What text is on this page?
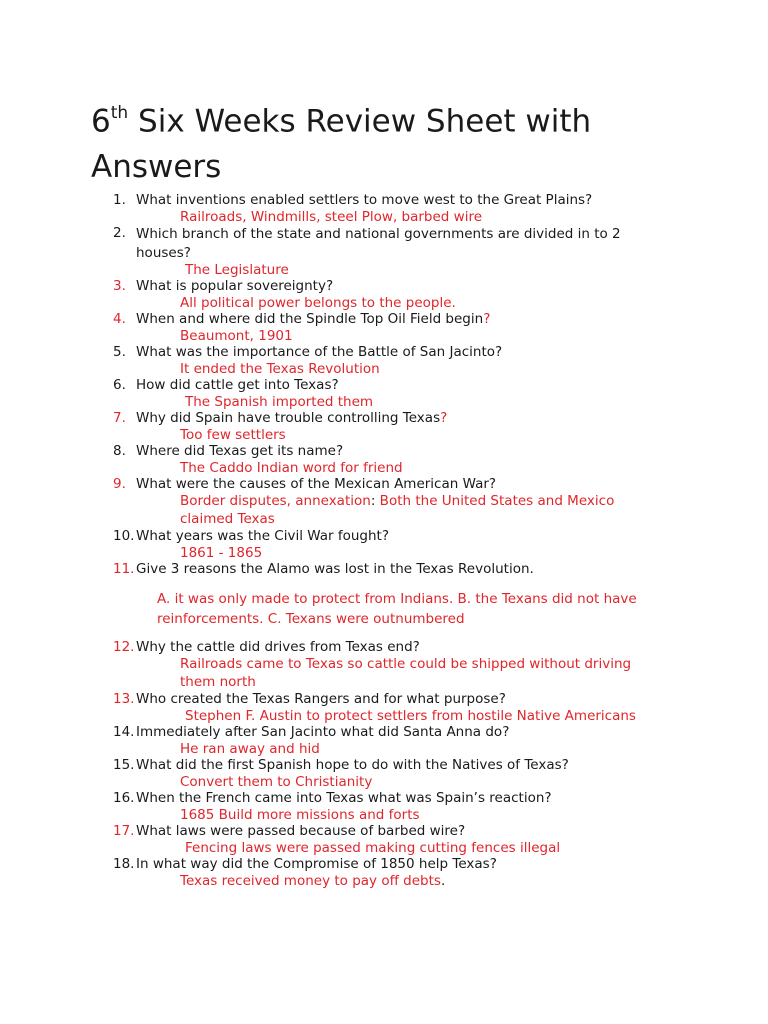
6th Six Weeks Review Sheet with Answers
1. What inventions enabled settlers to move west to the Great Plains?
Railroads, Windmills, steel Plow, barbed wire
2. Which branch of the state and national governments are divided in to 2 houses?
The Legislature
3. What is popular sovereignty?
All political power belongs to the people.
4. When and where did the Spindle Top Oil Field begin?
Beaumont, 1901
5. What was the importance of the Battle of San Jacinto?
It ended the Texas Revolution
6. How did cattle get into Texas?
The Spanish imported them
7. Why did Spain have trouble controlling Texas?
Too few settlers
8. Where did Texas get its name?
The Caddo Indian word for friend
9. What were the causes of the Mexican American War?
Border disputes, annexation: Both the United States and Mexico claimed Texas
10. What years was the Civil War fought?
1861 - 1865
11. Give 3 reasons the Alamo was lost in the Texas Revolution.
A. it was only made to protect from Indians. B. the Texans did not have reinforcements. C. Texans were outnumbered
12. Why the cattle did drives from Texas end?
Railroads came to Texas so cattle could be shipped without driving them north
13. Who created the Texas Rangers and for what purpose?
Stephen F. Austin to protect settlers from hostile Native Americans
14. Immediately after San Jacinto what did Santa Anna do?
He ran away and hid
15. What did the first Spanish hope to do with the Natives of Texas?
Convert them to Christianity
16. When the French came into Texas what was Spain’s reaction?
1685 Build more missions and forts
17. What laws were passed because of barbed wire?
Fencing laws were passed making cutting fences illegal
18. In what way did the Compromise of 1850 help Texas?
Texas received money to pay off debts.
